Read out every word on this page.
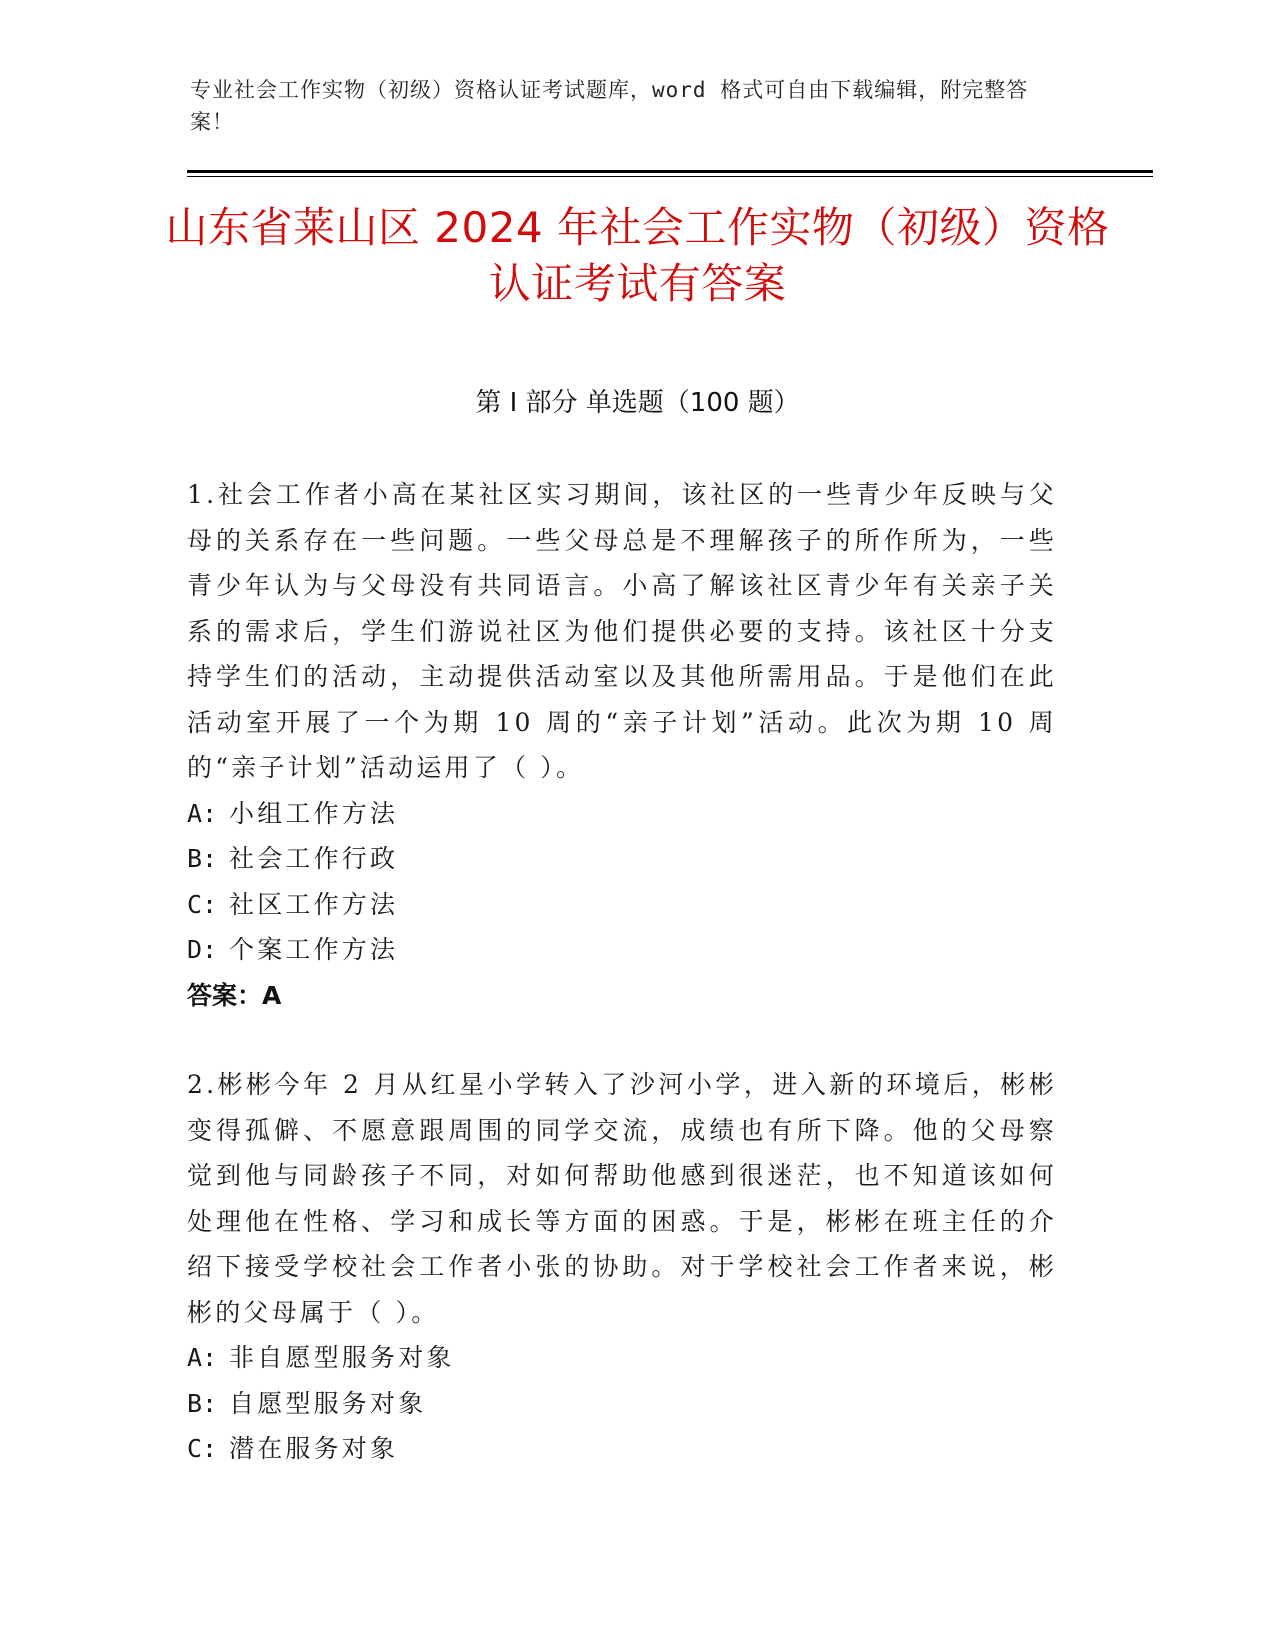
专业社会工作实物（初级）资格认证考试题库，word 格式可自由下载编辑，附完整答案！
山东省莱山区 2024 年社会工作实物（初级）资格认证考试有答案
第 I 部分 单选题（100 题）

1.社会工作者小高在某社区实习期间，该社区的一些青少年反映与父母的关系存在一些问题。一些父母总是不理解孩子的所作所为，一些青少年认为与父母没有共同语言。小高了解该社区青少年有关亲子关系的需求后，学生们游说社区为他们提供必要的支持。该社区十分支持学生们的活动，主动提供活动室以及其他所需用品。于是他们在此活动室开展了一个为期 10 周的“亲子计划”活动。此次为期 10 周的“亲子计划”活动运用了（ ）。

A: 小组工作方法

B: 社会工作行政

C: 社区工作方法

D: 个案工作方法

答案：A

2.彬彬今年 2 月从红星小学转入了沙河小学，进入新的环境后，彬彬变得孤僻、不愿意跟周围的同学交流，成绩也有所下降。他的父母察觉到他与同龄孩子不同，对如何帮助他感到很迷茫，也不知道该如何处理他在性格、学习和成长等方面的困惑。于是，彬彬在班主任的介绍下接受学校社会工作者小张的协助。对于学校社会工作者来说，彬彬的父母属于（ ）。

A: 非自愿型服务对象

B: 自愿型服务对象

C: 潜在服务对象
